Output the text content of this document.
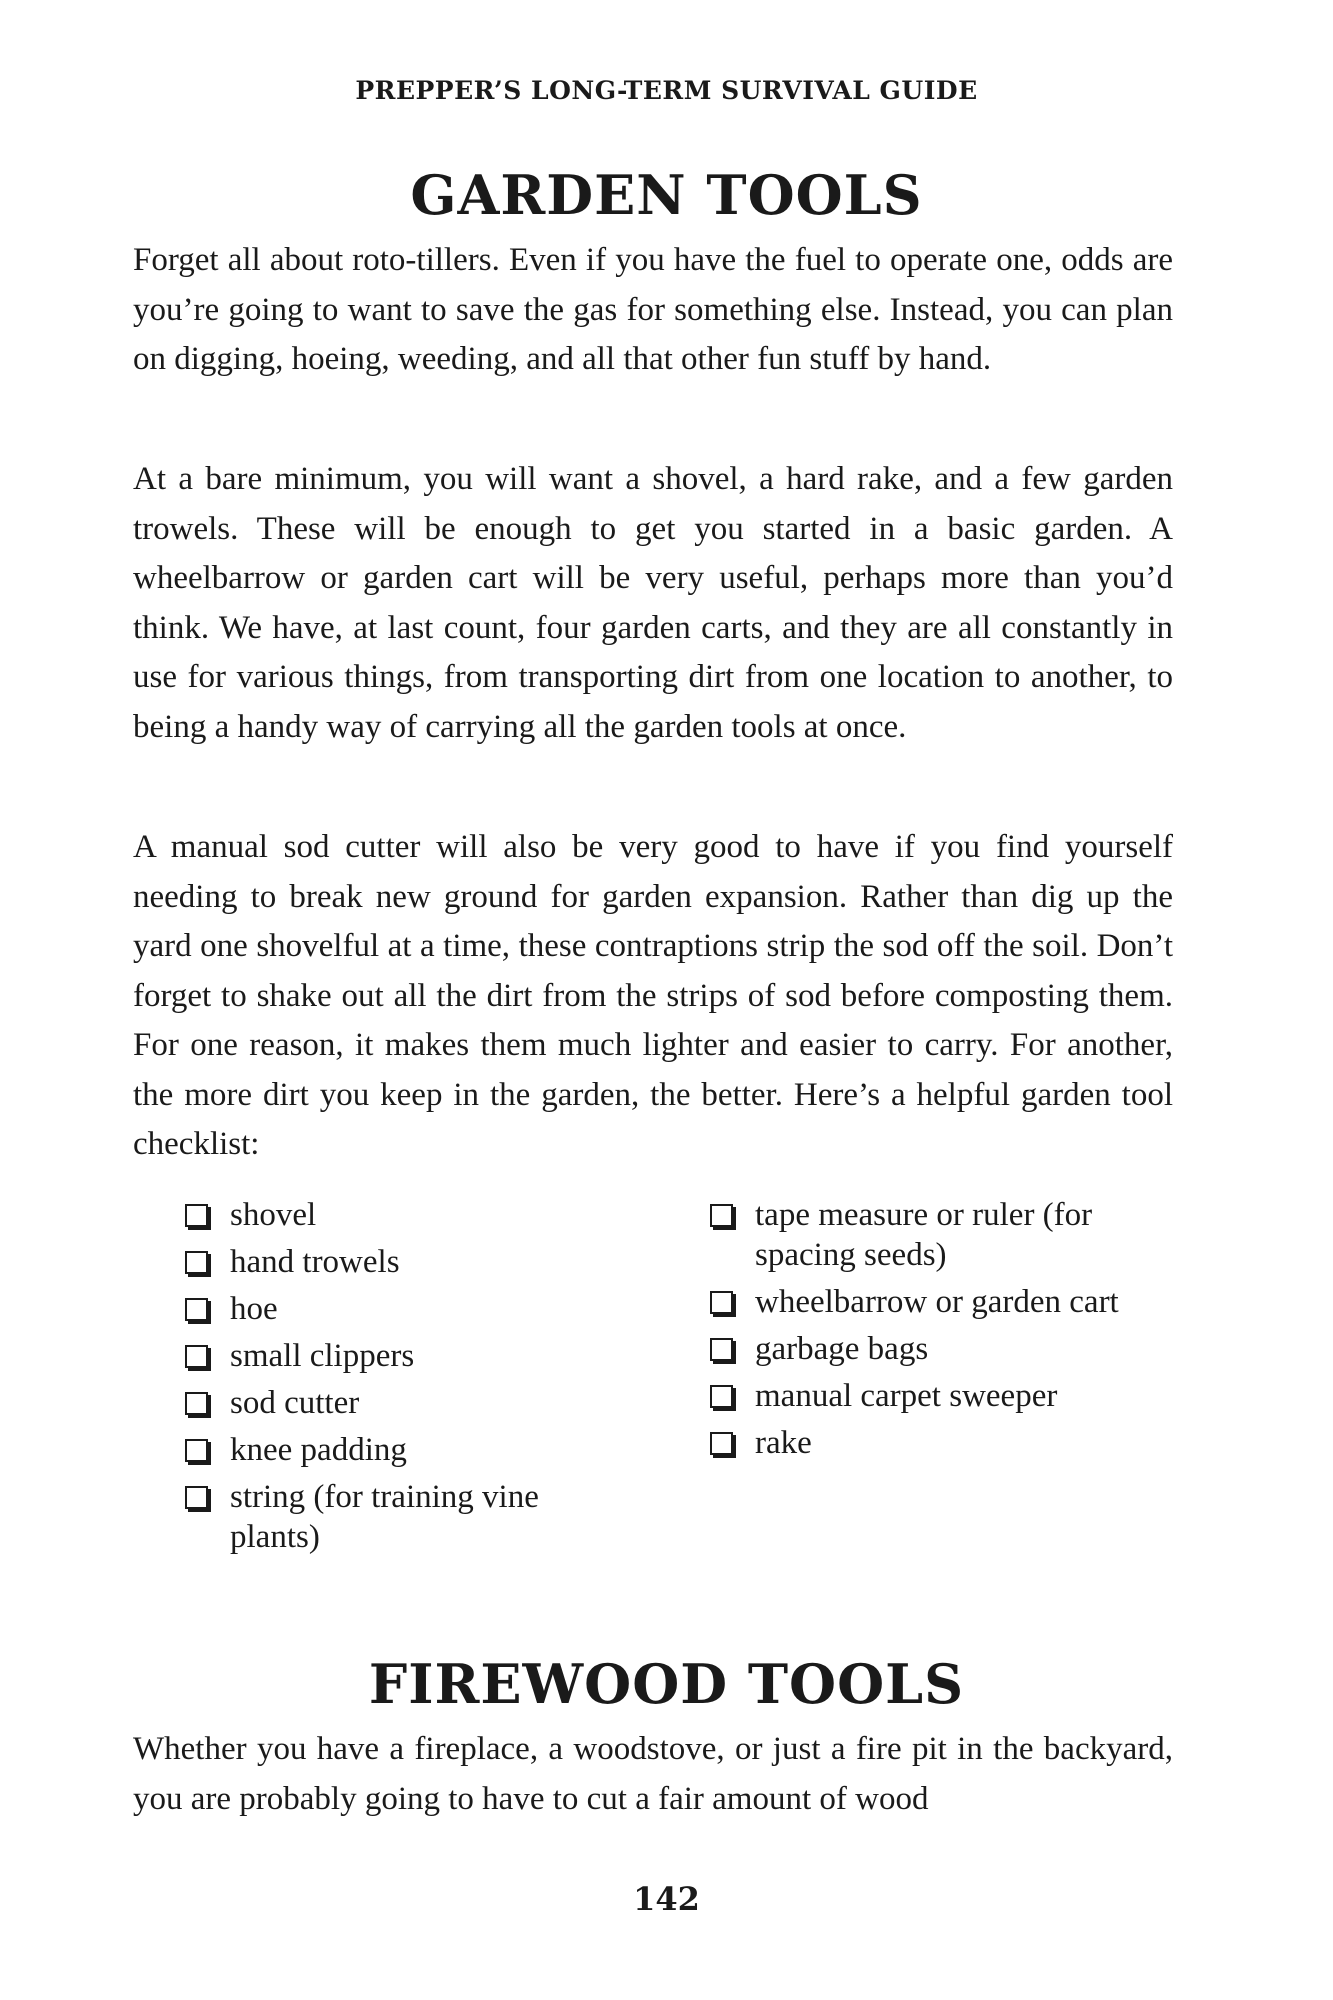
PREPPER’S LONG-TERM SURVIVAL GUIDE
GARDEN TOOLS

Forget all about roto-tillers. Even if you have the fuel to operate one, odds are you’re going to want to save the gas for something else. Instead, you can plan on digging, hoeing, weeding, and all that other fun stuff by hand.

At a bare minimum, you will want a shovel, a hard rake, and a few garden trowels. These will be enough to get you started in a basic garden. A wheelbarrow or garden cart will be very useful, perhaps more than you’d think. We have, at last count, four garden carts, and they are all constantly in use for various things, from transporting dirt from one location to another, to being a handy way of carrying all the garden tools at once.

A manual sod cutter will also be very good to have if you find yourself needing to break new ground for garden expansion. Rather than dig up the yard one shovelful at a time, these contraptions strip the sod off the soil. Don’t forget to shake out all the dirt from the strips of sod before composting them. For one reason, it makes them much lighter and easier to carry. For another, the more dirt you keep in the garden, the better. Here’s a helpful garden tool checklist:

shovel
hand trowels
hoe
small clippers
sod cutter
knee padding
string (for training vine plants)
tape measure or ruler (for spacing seeds)
wheelbarrow or garden cart
garbage bags
manual carpet sweeper
rake
FIREWOOD TOOLS

Whether you have a fireplace, a woodstove, or just a fire pit in the backyard, you are probably going to have to cut a fair amount of wood

142
